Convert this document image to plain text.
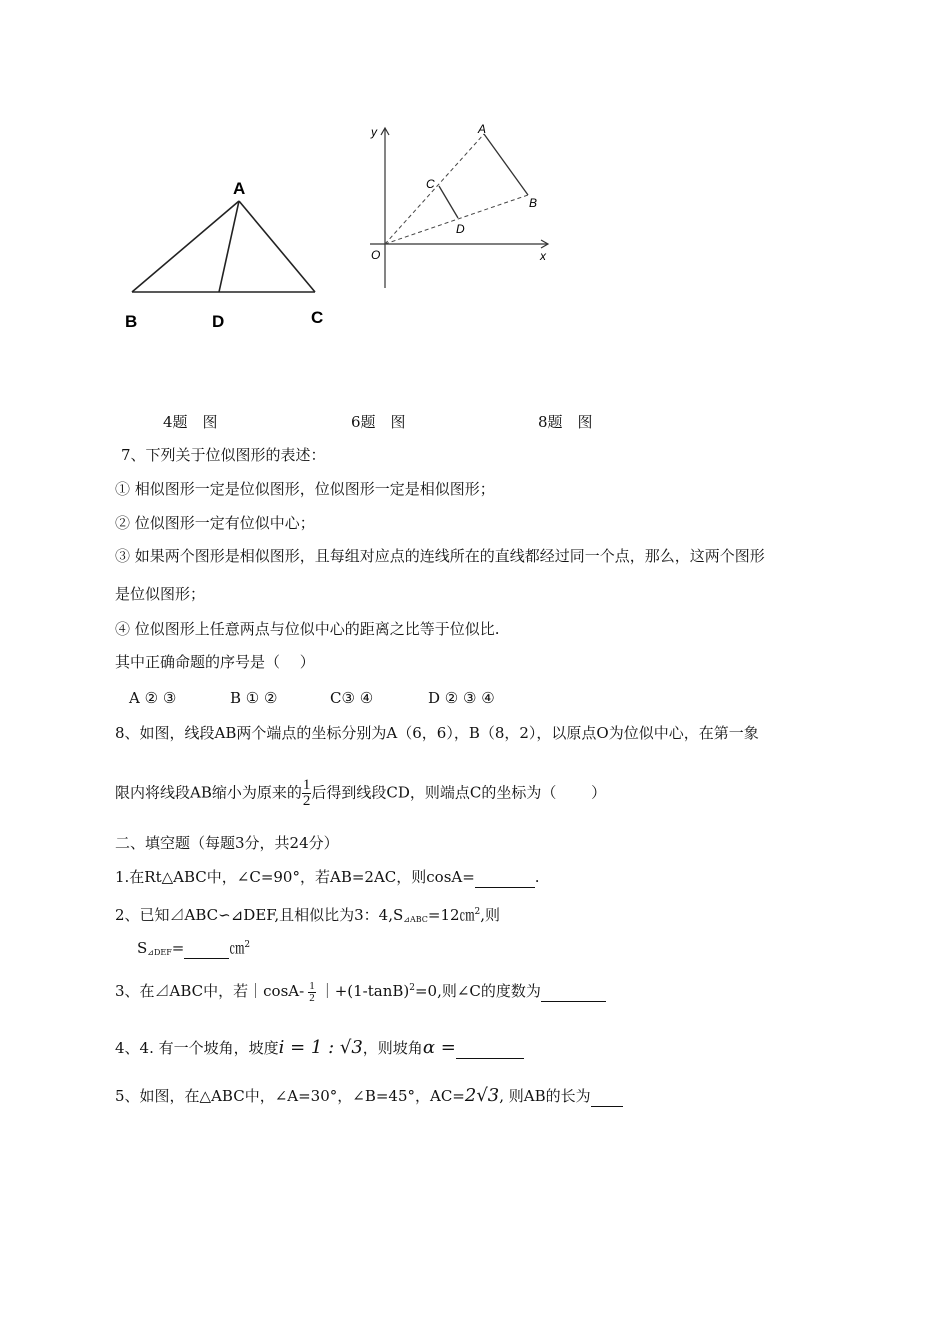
A
B	D	C
y
x
O
A
B
C
D
4题　图	6题　图	8题　图
7、下列关于位似图形的表述：
① 相似图形一定是位似图形，位似图形一定是相似图形；
② 位似图形一定有位似中心；
③ 如果两个图形是相似图形，且每组对应点的连线所在的直线都经过同一个点，那么，这两个图形
是位似图形；
④ 位似图形上任意两点与位似中心的距离之比等于位似比.
其中正确命题的序号是（　 ）
A ② ③	B ① ②	C③ ④	D ② ③ ④
8、如图，线段AB两个端点的坐标分别为A（6，6），B（8，2），以原点O为位似中心，在第一象
限内将线段AB缩小为原来的 $\frac{1}{2}$ 后得到线段CD，则端点C的坐标为（　　 ）
二、填空题（每题3分，共24分）
1.在Rt△ABC中，∠C=90°，若AB=2AC，则cosA=	.
2、已知⊿ABC∽⊿DEF,且相似比为3：$4,S_{⊿ABC}=12㎝^2$,则
$S_{⊿DEF}=$	㎝$^2$
3、在⊿ABC中，若｜cosA- $\frac{1}{2}$ $|+(1-\tan B)^2=0$,则∠C的度数为
4、4. 有一个坡角，坡度i = 1 : √3，则坡角α =
5、如图，在△ABC中，∠A=30°，∠B=45°，AC=2√3, 则AB的长为
